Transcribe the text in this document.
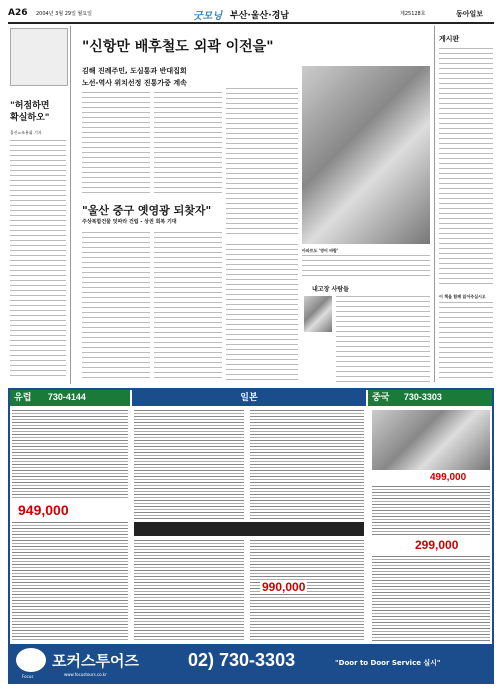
A26 2004년 3월 29일 월요일	굿모닝 부산·울산·경남	제25128호	동아일보
"허점하면
확실하오"
울산=조용휘 기자
"신항만 배후철도 외곽 이전을"
김해 진례주민, 도심통과 반대집회
노선-역사 위치선정 진통가중 계속
아파트도 '영어 바람'
"울산 중구 옛영광 되찾자"
주상복합건물 잇따라 건립 - 상권 회복 기대
내고장 사람들
게시판
이 책을 함께 읽어주십시오
유럽 730-4144	일본	중국 730-3303
949,000
990,000
499,000
299,000
Focus
포커스투어즈
www.focustours.co.kr
02) 730-3303	"Door to Door Service 실시"
